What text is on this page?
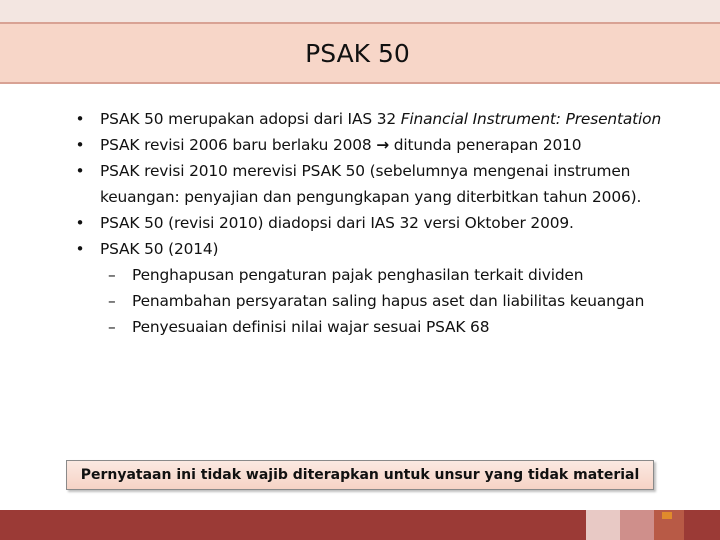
PSAK 50
• PSAK 50 merupakan adopsi dari IAS 32 Financial Instrument: Presentation
• PSAK revisi 2006 baru berlaku 2008 → ditunda penerapan 2010
• PSAK revisi 2010 merevisi PSAK 50 (sebelumnya mengenai instrumen keuangan: penyajian dan pengungkapan yang diterbitkan tahun 2006).
• PSAK 50 (revisi 2010) diadopsi dari IAS 32 versi Oktober 2009.
• PSAK 50 (2014)
– Penghapusan pengaturan pajak penghasilan terkait dividen
– Penambahan persyaratan saling hapus aset dan liabilitas keuangan
– Penyesuaian definisi nilai wajar sesuai PSAK 68
Pernyataan ini tidak wajib diterapkan untuk unsur yang tidak material
